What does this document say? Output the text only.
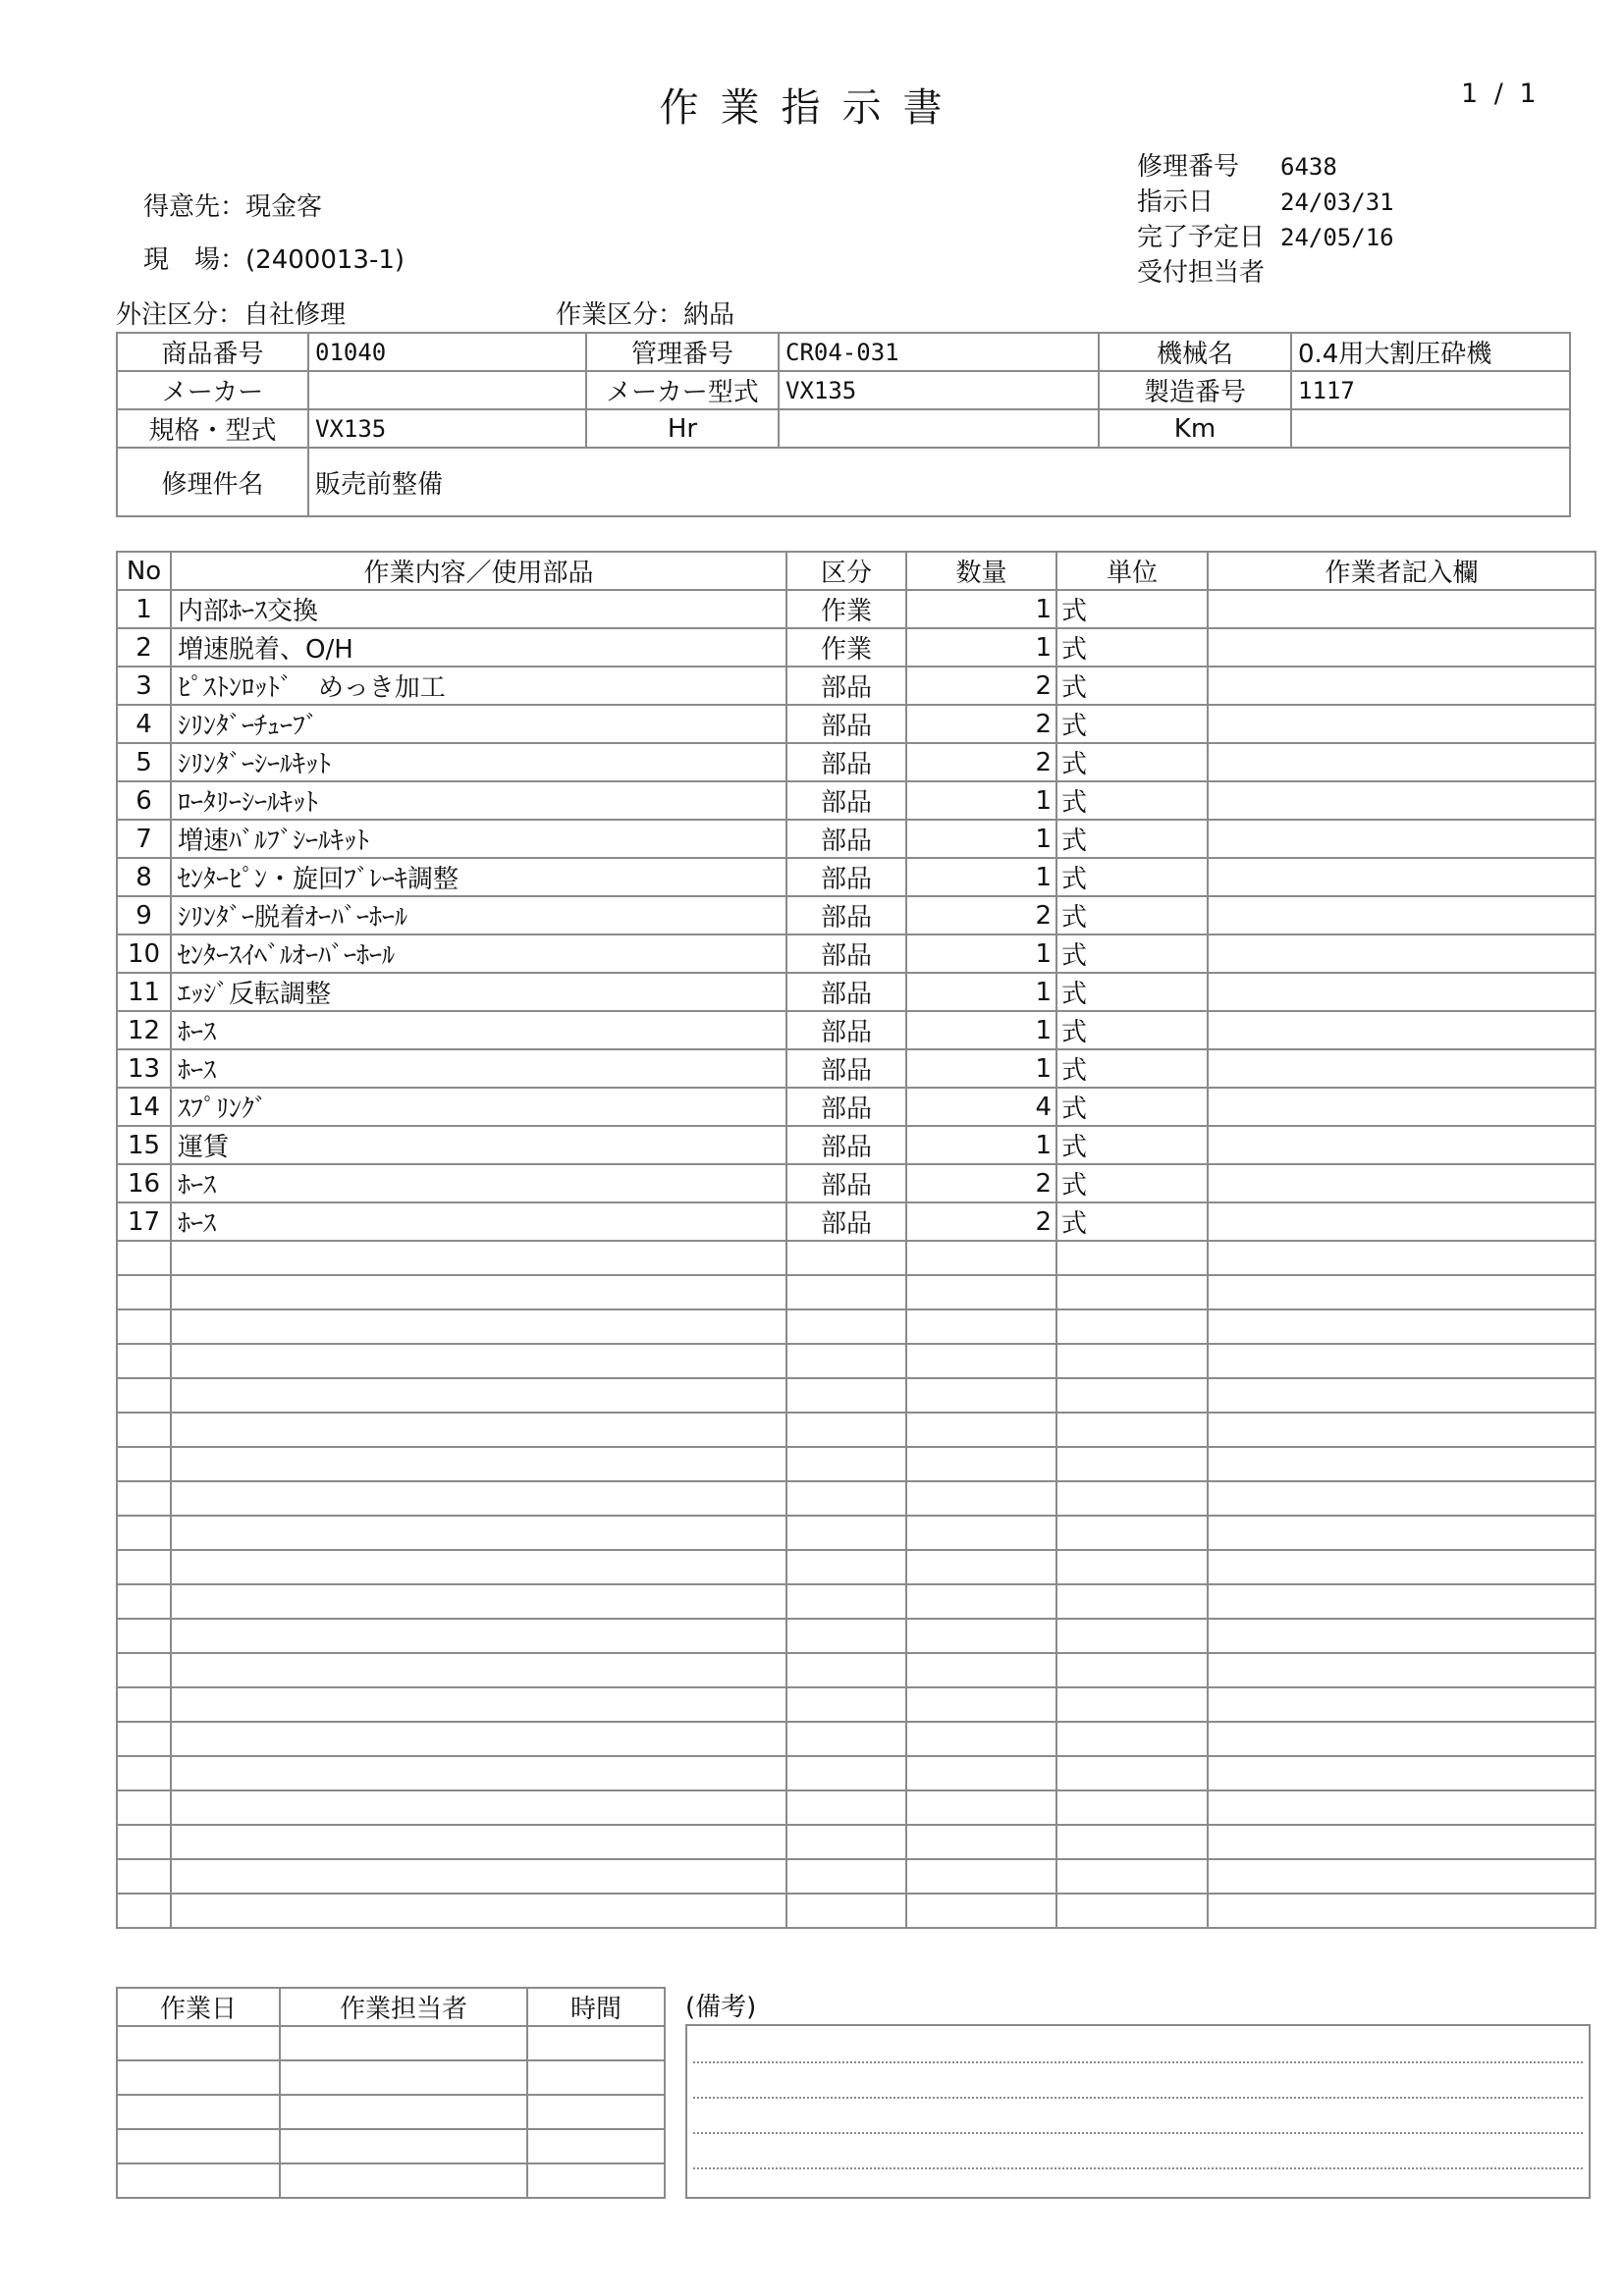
作業指示書	1 / 1
得意先：現金客
現　場：(2400013-1)
修理番号 6438
指示日	24/03/31
完了予定日 24/05/16
受付担当者
外注区分：自社修理	作業区分：納品
商品番号	01040	管理番号	CR04-031	機械名	0.4用大割圧砕機
メーカー		メーカー型式	VX135	製造番号	1117
規格・型式	VX135	Hr		Km	
修理件名	販売前整備				
No	作業内容／使用部品	区分	数量	単位	作業者記入欄
1	内部ﾎｰｽ交換	作業	1	式	
2	増速脱着、O/H	作業	1	式	
3	ﾋﾟｽﾄﾝﾛｯﾄﾞ　めっき加工	部品	2	式	
4	ｼﾘﾝﾀﾞｰﾁｭｰﾌﾞ	部品	2	式	
5	ｼﾘﾝﾀﾞｰｼｰﾙｷｯﾄ	部品	2	式	
6	ﾛｰﾀﾘｰｼｰﾙｷｯﾄ	部品	1	式	
7	増速ﾊﾞﾙﾌﾞｼｰﾙｷｯﾄ	部品	1	式	
8	ｾﾝﾀｰﾋﾟﾝ・旋回ﾌﾞﾚｰｷ調整	部品	1	式	
9	ｼﾘﾝﾀﾞｰ脱着ｵｰﾊﾞｰﾎｰﾙ	部品	2	式	
10	ｾﾝﾀｰｽｲﾍﾞﾙｵｰﾊﾞｰﾎｰﾙ	部品	1	式	
11	ｴｯｼﾞ反転調整	部品	1	式	
12	ﾎｰｽ	部品	1	式	
13	ﾎｰｽ	部品	1	式	
14	ｽﾌﾟﾘﾝｸﾞ	部品	4	式	
15	運賃	部品	1	式	
16	ﾎｰｽ	部品	2	式	
17	ﾎｰｽ	部品	2	式	

作業日	作業担当者	時間

			(備考)
